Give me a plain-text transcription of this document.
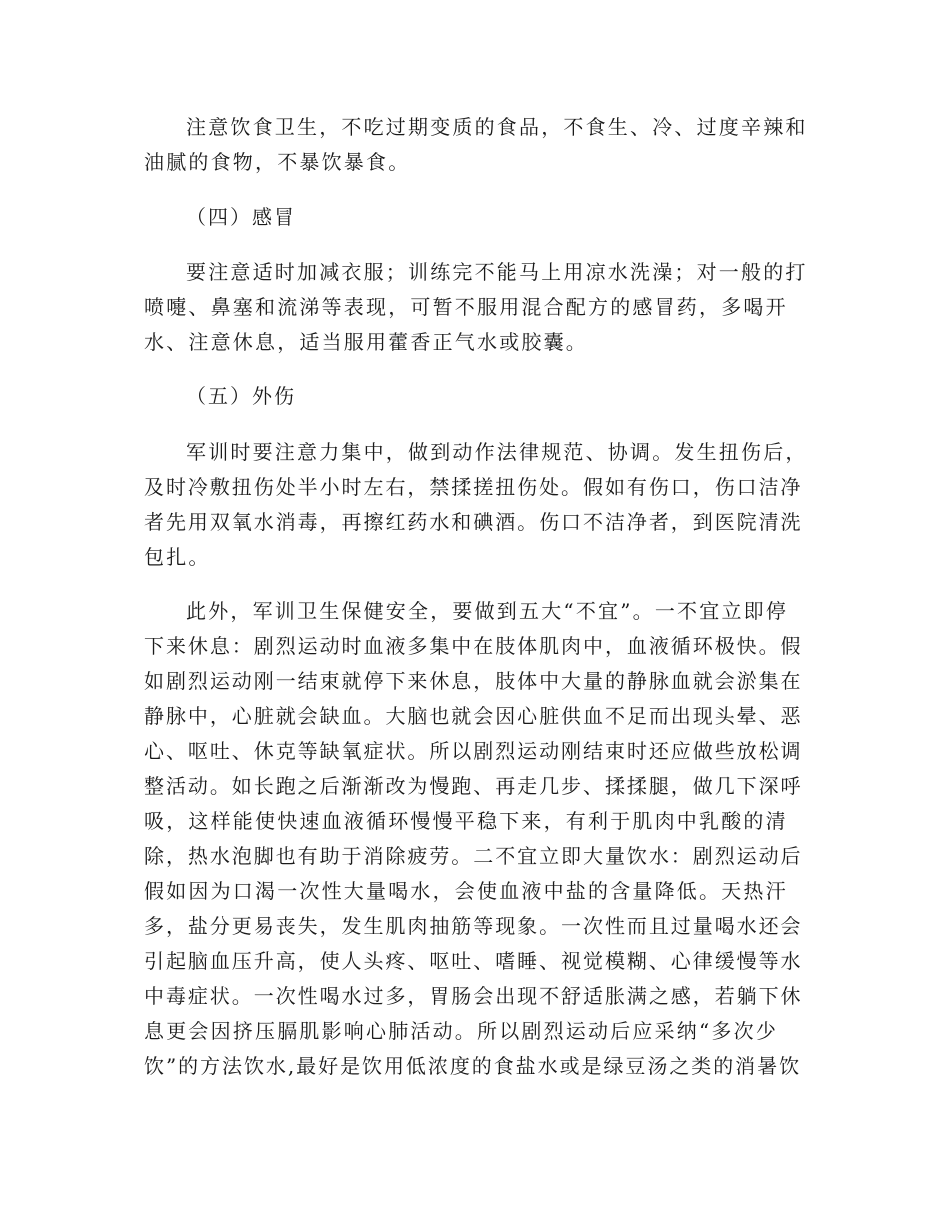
注意饮食卫生，不吃过期变质的食品，不食生、冷、过度辛辣和
油腻的食物，不暴饮暴食。
（四）感冒
要注意适时加减衣服；训练完不能马上用凉水洗澡；对一般的打
喷嚏、鼻塞和流涕等表现，可暂不服用混合配方的感冒药，多喝开
水、注意休息，适当服用藿香正气水或胶囊。
（五）外伤
军训时要注意力集中，做到动作法律规范、协调。发生扭伤后，
及时冷敷扭伤处半小时左右，禁揉搓扭伤处。假如有伤口，伤口洁净
者先用双氧水消毒，再擦红药水和碘酒。伤口不洁净者，到医院清洗
包扎。
此外，军训卫生保健安全，要做到五大“不宜”。一不宜立即停
下来休息：剧烈运动时血液多集中在肢体肌肉中，血液循环极快。假
如剧烈运动刚一结束就停下来休息，肢体中大量的静脉血就会淤集在
静脉中，心脏就会缺血。大脑也就会因心脏供血不足而出现头晕、恶
心、呕吐、休克等缺氧症状。所以剧烈运动刚结束时还应做些放松调
整活动。如长跑之后渐渐改为慢跑、再走几步、揉揉腿，做几下深呼
吸，这样能使快速血液循环慢慢平稳下来，有利于肌肉中乳酸的清
除，热水泡脚也有助于消除疲劳。二不宜立即大量饮水：剧烈运动后
假如因为口渴一次性大量喝水，会使血液中盐的含量降低。天热汗
多，盐分更易丧失，发生肌肉抽筋等现象。一次性而且过量喝水还会
引起脑血压升高，使人头疼、呕吐、嗜睡、视觉模糊、心律缓慢等水
中毒症状。一次性喝水过多，胃肠会出现不舒适胀满之感，若躺下休
息更会因挤压膈肌影响心肺活动。所以剧烈运动后应采纳“多次少
饮”的方法饮水,最好是饮用低浓度的食盐水或是绿豆汤之类的消暑饮
